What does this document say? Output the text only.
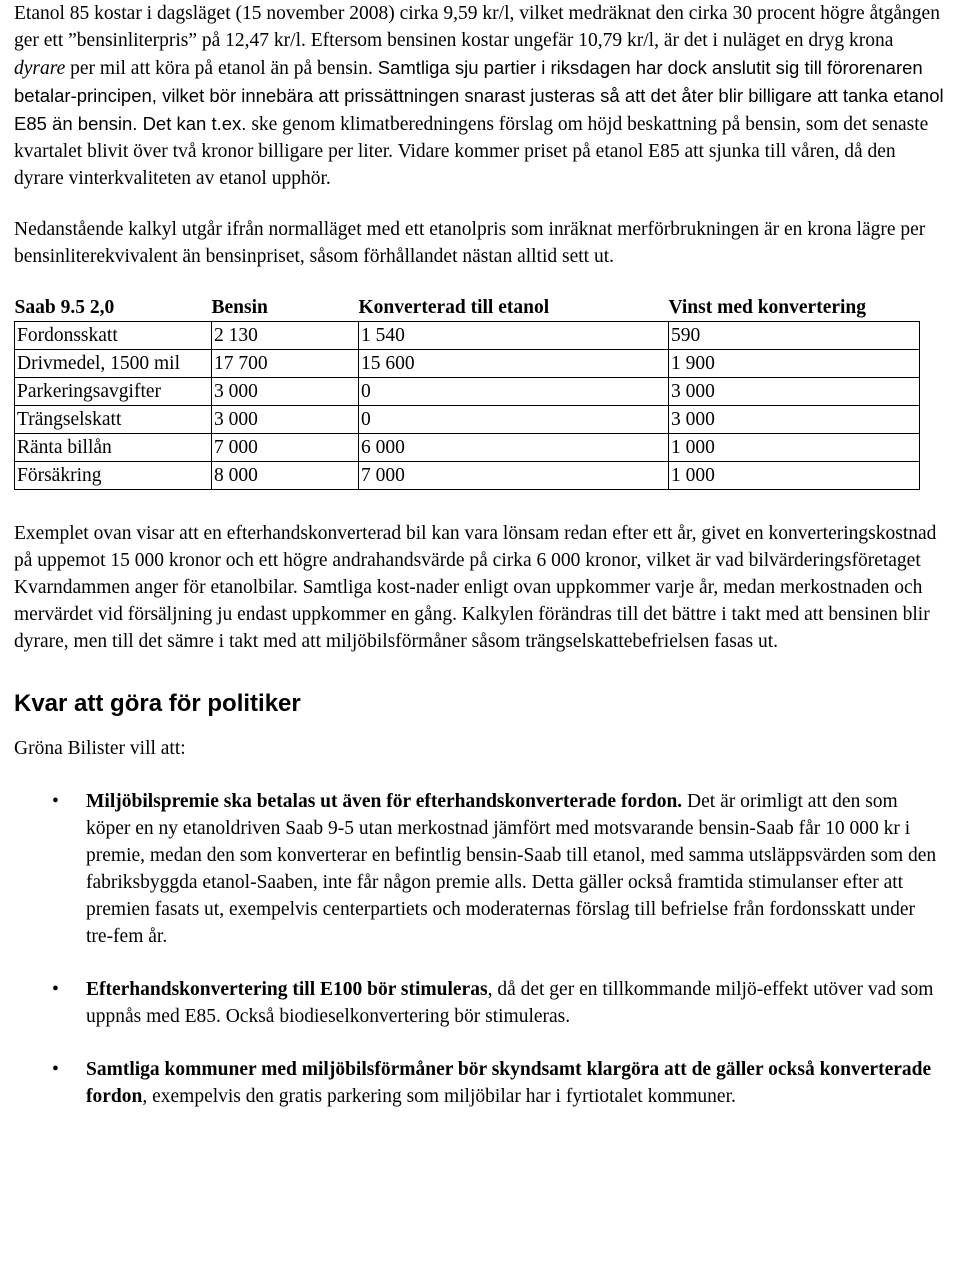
Etanol 85 kostar i dagsläget (15 november 2008) cirka 9,59 kr/l, vilket medräknat den cirka 30 procent högre åtgången ger ett ”bensinliterpris” på 12,47 kr/l. Eftersom bensinen kostar ungefär 10,79 kr/l, är det i nuläget en dryg krona dyrare per mil att köra på etanol än på bensin. Samtliga sju partier i riksdagen har dock anslutit sig till förorenaren betalar-principen, vilket bör innebära att prissättningen snarast justeras så att det åter blir billigare att tanka etanol E85 än bensin. Det kan t.ex. ske genom klimatberedningens förslag om höjd beskattning på bensin, som det senaste kvartalet blivit över två kronor billigare per liter. Vidare kommer priset på etanol E85 att sjunka till våren, då den dyrare vinterkvaliteten av etanol upphör.

Nedanstående kalkyl utgår ifrån normalläget med ett etanolpris som inräknat merförbrukningen är en krona lägre per bensinliterekvivalent än bensinpriset, såsom förhållandet nästan alltid sett ut.

Saab 9.5 2,0	Bensin	Konverterad till etanol	Vinst med konvertering
Fordonsskatt	2 130	1 540	590
Drivmedel, 1500 mil	17 700	15 600	1 900
Parkeringsavgifter	3 000	0	3 000
Trängselskatt	3 000	0	3 000
Ränta billån	7 000	6 000	1 000
Försäkring	8 000	7 000	1 000

Exemplet ovan visar att en efterhandskonverterad bil kan vara lönsam redan efter ett år, givet en konverteringskostnad på uppemot 15 000 kronor och ett högre andrahandsvärde på cirka 6 000 kronor, vilket är vad bilvärderingsföretaget Kvarndammen anger för etanolbilar. Samtliga kost-nader enligt ovan uppkommer varje år, medan merkostnaden och mervärdet vid försäljning ju endast uppkommer en gång. Kalkylen förändras till det bättre i takt med att bensinen blir dyrare, men till det sämre i takt med att miljöbilsförmåner såsom trängselskattebefrielsen fasas ut.

Kvar att göra för politiker

Gröna Bilister vill att:

• Miljöbilspremie ska betalas ut även för efterhandskonverterade fordon. Det är orimligt att den som köper en ny etanoldriven Saab 9-5 utan merkostnad jämfört med motsvarande bensin-Saab får 10 000 kr i premie, medan den som konverterar en befintlig bensin-Saab till etanol, med samma utsläppsvärden som den fabriksbyggda etanol-Saaben, inte får någon premie alls. Detta gäller också framtida stimulanser efter att premien fasats ut, exempelvis centerpartiets och moderaternas förslag till befrielse från fordonsskatt under tre-fem år.
• Efterhandskonvertering till E100 bör stimuleras, då det ger en tillkommande miljö-effekt utöver vad som uppnås med E85. Också biodieselkonvertering bör stimuleras.
• Samtliga kommuner med miljöbilsförmåner bör skyndsamt klargöra att de gäller också konverterade fordon, exempelvis den gratis parkering som miljöbilar har i fyrtiotalet kommuner.
